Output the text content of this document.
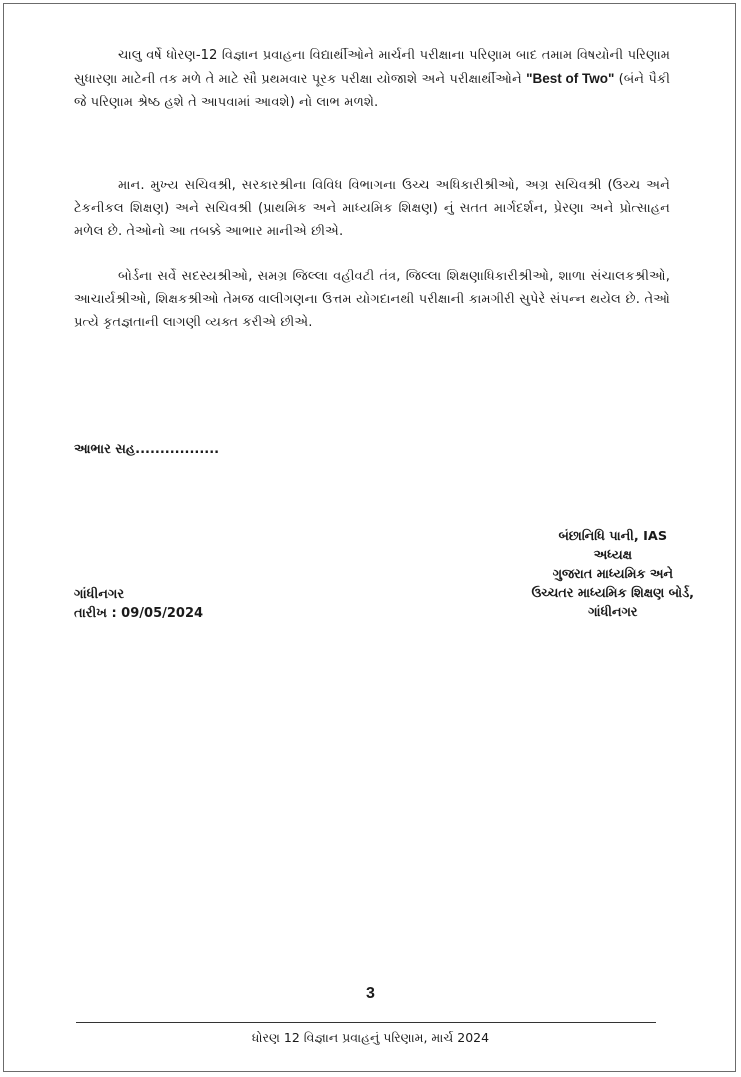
ચાલુ વર્ષે ધોરણ-12 વિજ્ઞાન પ્રવાહના વિદ્યાર્થીઓને માર્ચની પરીક્ષાના પરિણામ બાદ તમામ વિષયોની પરિણામ સુધારણા માટેની તક મળે તે માટે સૌ પ્રથમવાર પૂરક પરીક્ષા યોજાશે અને પરીક્ષાર્થીઓને "Best of Two" (બંને પૈકી જે પરિણામ શ્રેષ્ઠ હશે તે આપવામાં આવશે) નો લાભ મળશે.

માન. મુખ્ય સચિવશ્રી, સરકારશ્રીના વિવિધ વિભાગના ઉચ્ચ અધિકારીશ્રીઓ, અગ્ર સચિવશ્રી (ઉચ્ચ અને ટેકનીકલ શિક્ષણ) અને સચિવશ્રી (પ્રાથમિક અને માધ્યમિક શિક્ષણ) નું સતત માર્ગદર્શન, પ્રેરણા અને પ્રોત્સાહન મળેલ છે. તેઓનો આ તબક્કે આભાર માનીએ છીએ.

બોર્ડના સર્વે સદસ્યશ્રીઓ, સમગ્ર જિલ્લા વહીવટી તંત્ર, જિલ્લા શિક્ષણાધિકારીશ્રીઓ, શાળા સંચાલકશ્રીઓ, આચાર્યશ્રીઓ, શિક્ષકશ્રીઓ તેમજ વાલીગણના ઉત્તમ યોગદાનથી પરીક્ષાની કામગીરી સુપેરે સંપન્ન થયેલ છે. તેઓ પ્રત્યે કૃતજ્ઞતાની લાગણી વ્યક્ત કરીએ છીએ.

આભાર સહ.................

બંછાનિધિ પાની, IAS
અધ્યક્ષ
ગુજરાત માધ્યમિક અને
ઉચ્ચતર માધ્યમિક શિક્ષણ બોર્ડ,
ગાંધીનગર
ગાંધીનગર
તારીખ : 09/05/2024
3
ધોરણ 12 વિજ્ઞાન પ્રવાહનું પરિણામ, માર્ચ 2024
